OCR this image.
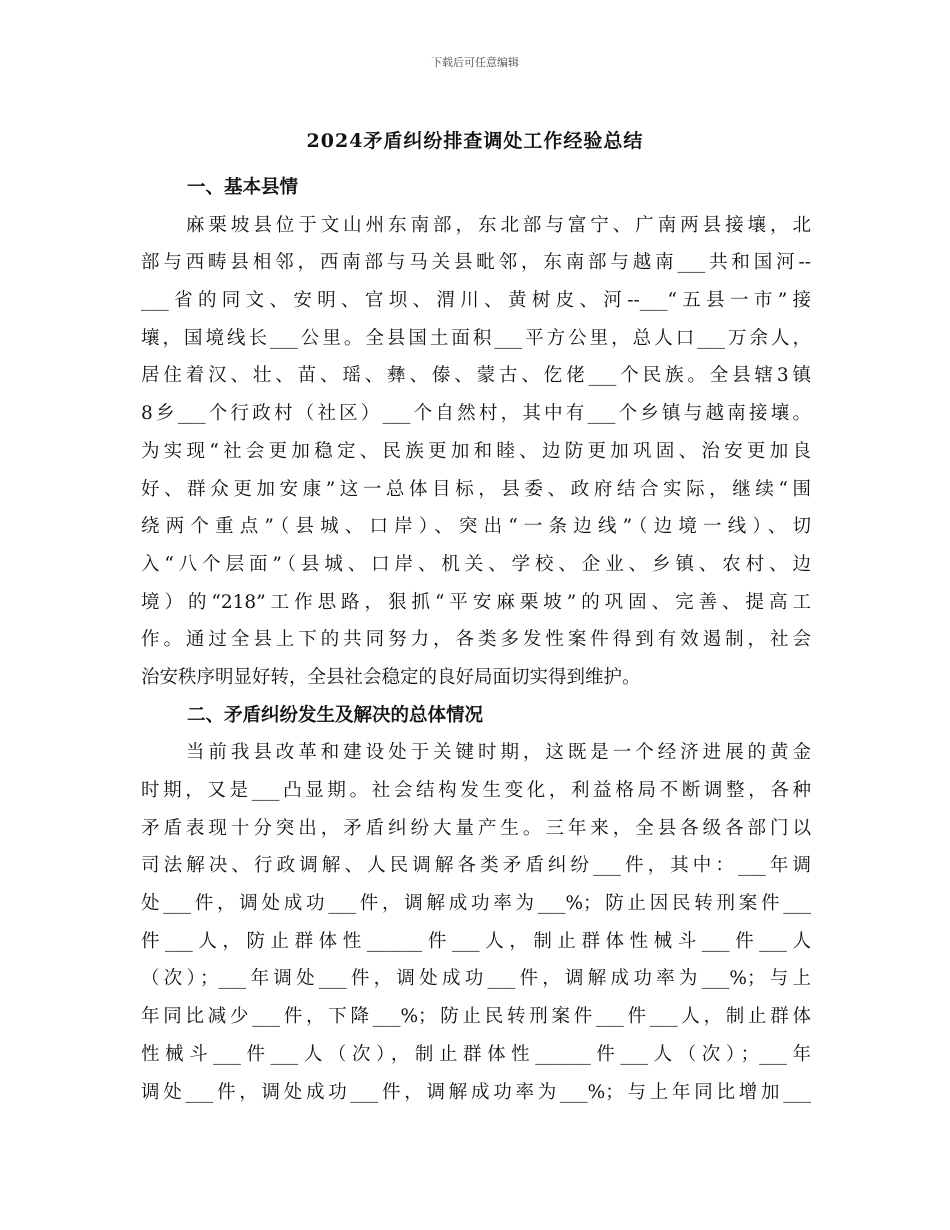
下载后可任意编辑
2024矛盾纠纷排查调处工作经验总结
一、基本县情
　　麻栗坡县位于文山州东南部，东北部与富宁、广南两县接壤，北
部与西畴县相邻，西南部与马关县毗邻，东南部与越南___共和国河--
___省的同文、安明、官坝、渭川、黄树皮、河--___“五县一市”接
壤，国境线长___公里。全县国土面积___平方公里，总人口___万余人，
居住着汉、壮、苗、瑶、彝、傣、蒙古、仡佬___个民族。全县辖3镇
8乡___个行政村（社区）___个自然村，其中有___个乡镇与越南接壤。
为实现“社会更加稳定、民族更加和睦、边防更加巩固、治安更加良
好、群众更加安康”这一总体目标，县委、政府结合实际，继续“围
绕两个重点”（县城、口岸）、突出“一条边线”（边境一线）、切
入“八个层面”（县城、口岸、机关、学校、企业、乡镇、农村、边
境）的“218”工作思路，狠抓“平安麻栗坡”的巩固、完善、提高工
作。通过全县上下的共同努力，各类多发性案件得到有效遏制，社会
治安秩序明显好转，全县社会稳定的良好局面切实得到维护。
二、矛盾纠纷发生及解决的总体情况
　　当前我县改革和建设处于关键时期，这既是一个经济进展的黄金
时期，又是___凸显期。社会结构发生变化，利益格局不断调整，各种
矛盾表现十分突出，矛盾纠纷大量产生。三年来，全县各级各部门以
司法解决、行政调解、人民调解各类矛盾纠纷___件，其中：___年调
处___件，调处成功___件，调解成功率为___%；防止因民转刑案件___
件___人，防止群体性______件___人，制止群体性械斗___件___人
（次）；___年调处___件，调处成功___件，调解成功率为___%；与上
年同比减少___件，下降___%；防止民转刑案件___件___人，制止群体
性械斗___件___人（次），制止群体性______件___人（次）；___年
调处___件，调处成功___件，调解成功率为___%；与上年同比增加___
